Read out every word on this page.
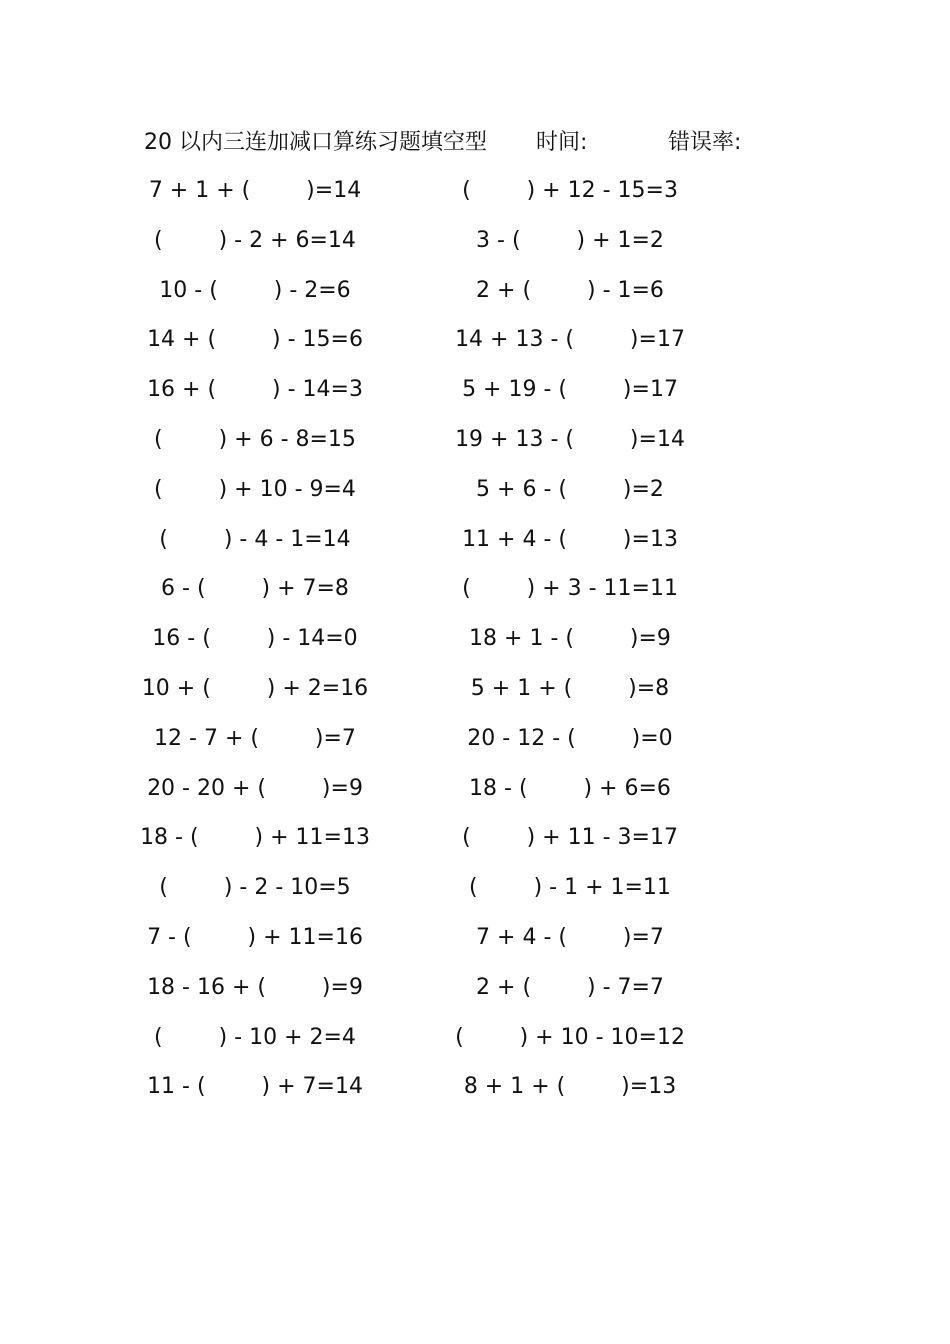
20 以内三连加减口算练习题填空型 时间:	错误率:
7 + 1 + (        )=14	(        ) + 12 - 15=3
(        ) - 2 + 6=14	3 - (        ) + 1=2
10 - (        ) - 2=6	2 + (        ) - 1=6
14 + (        ) - 15=6	14 + 13 - (        )=17
16 + (        ) - 14=3	5 + 19 - (        )=17
(        ) + 6 - 8=15	19 + 13 - (        )=14
(        ) + 10 - 9=4	5 + 6 - (        )=2
(        ) - 4 - 1=14	11 + 4 - (        )=13
6 - (        ) + 7=8	(        ) + 3 - 11=11
16 - (        ) - 14=0	18 + 1 - (        )=9
10 + (        ) + 2=16	5 + 1 + (        )=8
12 - 7 + (        )=7	20 - 12 - (        )=0
20 - 20 + (        )=9	18 - (        ) + 6=6
18 - (        ) + 11=13	(        ) + 11 - 3=17
(        ) - 2 - 10=5	(        ) - 1 + 1=11
7 - (        ) + 11=16	7 + 4 - (        )=7
18 - 16 + (        )=9	2 + (        ) - 7=7
(        ) - 10 + 2=4	(        ) + 10 - 10=12
11 - (        ) + 7=14	8 + 1 + (        )=13
